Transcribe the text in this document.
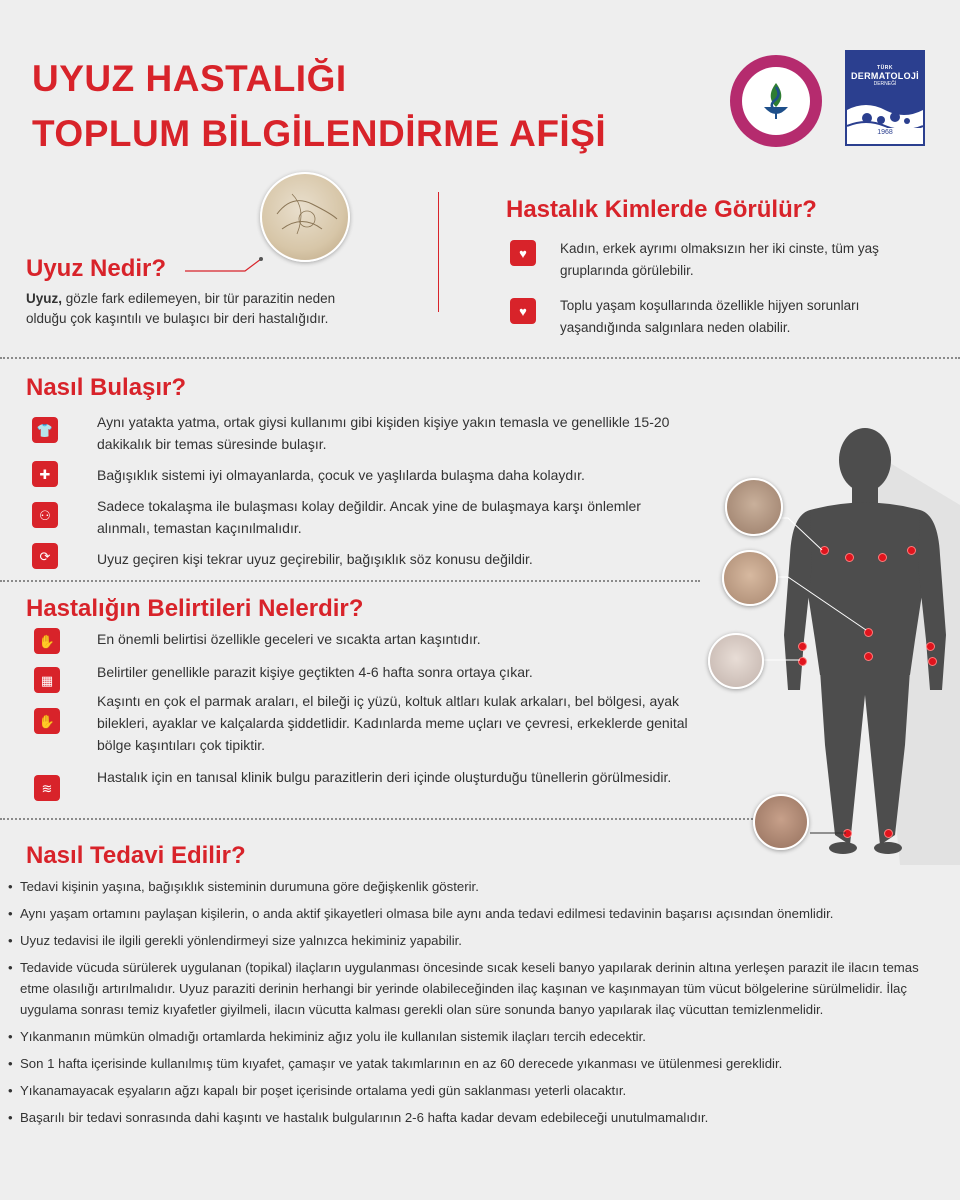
UYUZ HASTALIĞI
TOPLUM BİLGİLENDİRME AFİŞİ
TÜRK
DERMATOLOJİ
DERNEĞİ
1968
Uyuz Nedir?
Uyuz, gözle fark edilemeyen, bir tür parazitin neden olduğu çok kaşıntılı ve bulaşıcı bir deri hastalığıdır.
Hastalık Kimlerde Görülür?
♥	Kadın, erkek ayrımı olmaksızın her iki cinste, tüm yaş gruplarında görülebilir.
♥	Toplu yaşam koşullarında özellikle hijyen sorunları yaşandığında salgınlara neden olabilir.
Nasıl Bulaşır?
👕	Aynı yatakta yatma, ortak giysi kullanımı gibi kişiden kişiye yakın temasla ve genellikle 15-20 dakikalık bir temas süresinde bulaşır.
✚	Bağışıklık sistemi iyi olmayanlarda, çocuk ve yaşlılarda bulaşma daha kolaydır.
⚇
Sadece tokalaşma ile bulaşması kolay değildir. Ancak yine de bulaşmaya karşı önlemler alınmalı, temastan kaçınılmalıdır.
⟳	Uyuz geçiren kişi tekrar uyuz geçirebilir, bağışıklık söz konusu değildir.
Hastalığın Belirtileri Nelerdir?
✋	En önemli belirtisi özellikle geceleri ve sıcakta artan kaşıntıdır.
▦	Belirtiler genellikle parazit kişiye geçtikten 4-6 hafta sonra ortaya çıkar.
✋
Kaşıntı en çok el parmak araları, el bileği iç yüzü, koltuk altları kulak arkaları, bel bölgesi, ayak bilekleri, ayaklar ve kalçalarda şiddetlidir. Kadınlarda meme uçları ve çevresi, erkeklerde genital bölge kaşıntıları çok tipiktir.
≋
Hastalık için en tanısal klinik bulgu parazitlerin deri içinde oluşturduğu tünellerin görülmesidir.
Nasıl Tedavi Edilir?
• Tedavi kişinin yaşına, bağışıklık sisteminin durumuna göre değişkenlik gösterir.
• Aynı yaşam ortamını paylaşan kişilerin, o anda aktif şikayetleri olmasa bile aynı anda tedavi edilmesi tedavinin başarısı açısından önemlidir.
• Uyuz tedavisi ile ilgili gerekli yönlendirmeyi size yalnızca hekiminiz yapabilir.
• Tedavide vücuda sürülerek uygulanan (topikal) ilaçların uygulanması öncesinde sıcak keseli banyo yapılarak derinin altına yerleşen parazit ile ilacın temas etme olasılığı artırılmalıdır. Uyuz paraziti derinin herhangi bir yerinde olabileceğinden ilaç kaşınan ve kaşınmayan tüm vücut bölgelerine sürülmelidir. İlaç uygulama sonrası temiz kıyafetler giyilmeli, ilacın vücutta kalması gerekli olan süre sonunda banyo yapılarak ilaç vücuttan temizlenmelidir.
• Yıkanmanın mümkün olmadığı ortamlarda hekiminiz ağız yolu ile kullanılan sistemik ilaçları tercih edecektir.
• Son 1 hafta içerisinde kullanılmış tüm kıyafet, çamaşır ve yatak takımlarının en az 60 derecede yıkanması ve ütülenmesi gereklidir.
• Yıkanamayacak eşyaların ağzı kapalı bir poşet içerisinde ortalama yedi gün saklanması yeterli olacaktır.
• Başarılı bir tedavi sonrasında dahi kaşıntı ve hastalık bulgularının 2-6 hafta kadar devam edebileceği unutulmamalıdır.
